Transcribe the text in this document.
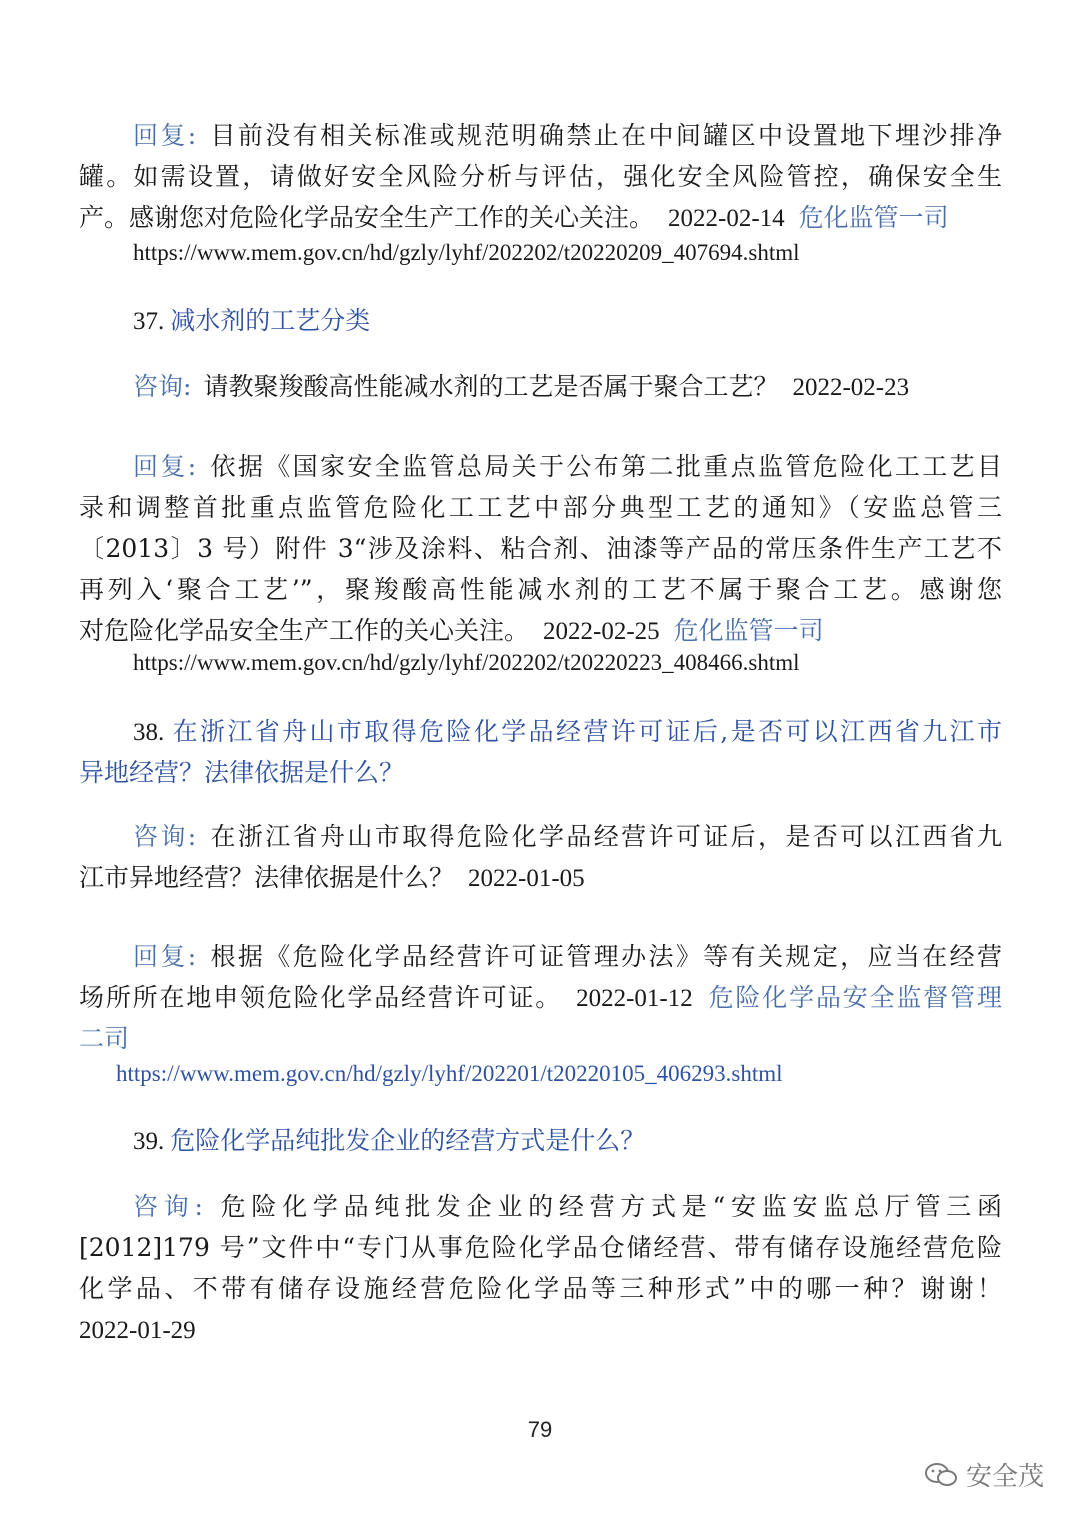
回复: 目前没有相关标准或规范明确禁止在中间罐区中设置地下埋沙排净
罐。如需设置，请做好安全风险分析与评估，强化安全风险管控，确保安全生
产。感谢您对危险化学品安全生产工作的关心关注。 2022-02-14 危化监管一司
https://www.mem.gov.cn/hd/gzly/lyhf/202202/t20220209_407694.shtml
37. 减水剂的工艺分类
咨询: 请教聚羧酸高性能减水剂的工艺是否属于聚合工艺？ 2022-02-23
回复: 依据《国家安全监管总局关于公布第二批重点监管危险化工工艺目
录和调整首批重点监管危险化工工艺中部分典型工艺的通知》（安监总管三
〔2013〕3 号）附件 3“涉及涂料、粘合剂、油漆等产品的常压条件生产工艺不
再列入‘聚合工艺’”，聚羧酸高性能减水剂的工艺不属于聚合工艺。感谢您
对危险化学品安全生产工作的关心关注。 2022-02-25 危化监管一司
https://www.mem.gov.cn/hd/gzly/lyhf/202202/t20220223_408466.shtml
38. 在浙江省舟山市取得危险化学品经营许可证后,是否可以江西省九江市
异地经营？法律依据是什么？
咨询: 在浙江省舟山市取得危险化学品经营许可证后，是否可以江西省九
江市异地经营？法律依据是什么？ 2022-01-05
回复: 根据《危险化学品经营许可证管理办法》等有关规定，应当在经营
场所所在地申领危险化学品经营许可证。 2022-01-12 危险化学品安全监督管理
二司
https://www.mem.gov.cn/hd/gzly/lyhf/202201/t20220105_406293.shtml
39. 危险化学品纯批发企业的经营方式是什么？
咨询: 危险化学品纯批发企业的经营方式是“安监安监总厅管三函
[2012]179 号”文件中“专门从事危险化学品仓储经营、带有储存设施经营危险
化学品、不带有储存设施经营危险化学品等三种形式”中的哪一种？谢谢！
2022-01-29
79
安全茂
